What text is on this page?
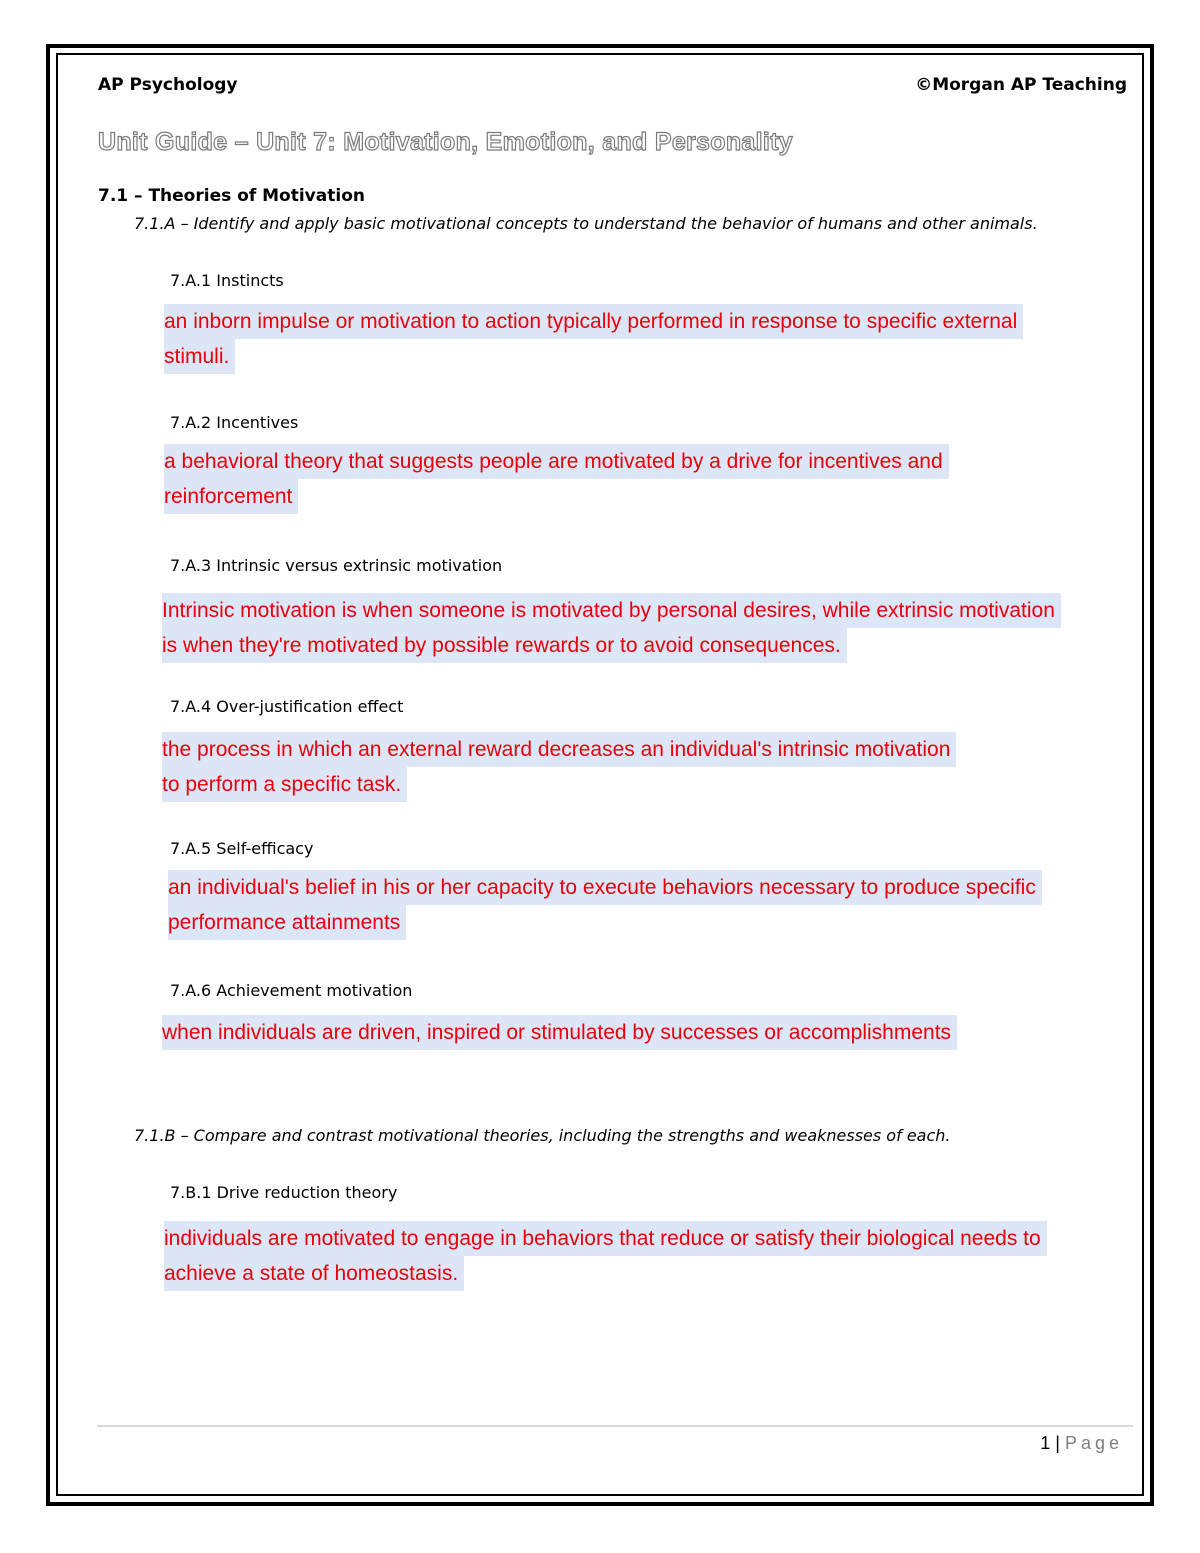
AP Psychology	©Morgan AP Teaching
Unit Guide – Unit 7: Motivation, Emotion, and Personality
7.1 – Theories of Motivation
7.1.A – Identify and apply basic motivational concepts to understand the behavior of humans and other animals.
7.A.1 Instincts
an inborn impulse or motivation to action typically performed in response to specific external
stimuli.
7.A.2 Incentives
a behavioral theory that suggests people are motivated by a drive for incentives and
reinforcement
7.A.3 Intrinsic versus extrinsic motivation
Intrinsic motivation is when someone is motivated by personal desires, while extrinsic motivation
is when they're motivated by possible rewards or to avoid consequences.
7.A.4 Over-justification effect
the process in which an external reward decreases an individual's intrinsic motivation
to perform a specific task.
7.A.5 Self-efficacy
an individual's belief in his or her capacity to execute behaviors necessary to produce specific
performance attainments
7.A.6 Achievement motivation
when individuals are driven, inspired or stimulated by successes or accomplishments
7.1.B – Compare and contrast motivational theories, including the strengths and weaknesses of each.
7.B.1 Drive reduction theory
individuals are motivated to engage in behaviors that reduce or satisfy their biological needs to
achieve a state of homeostasis.
1 | Page
